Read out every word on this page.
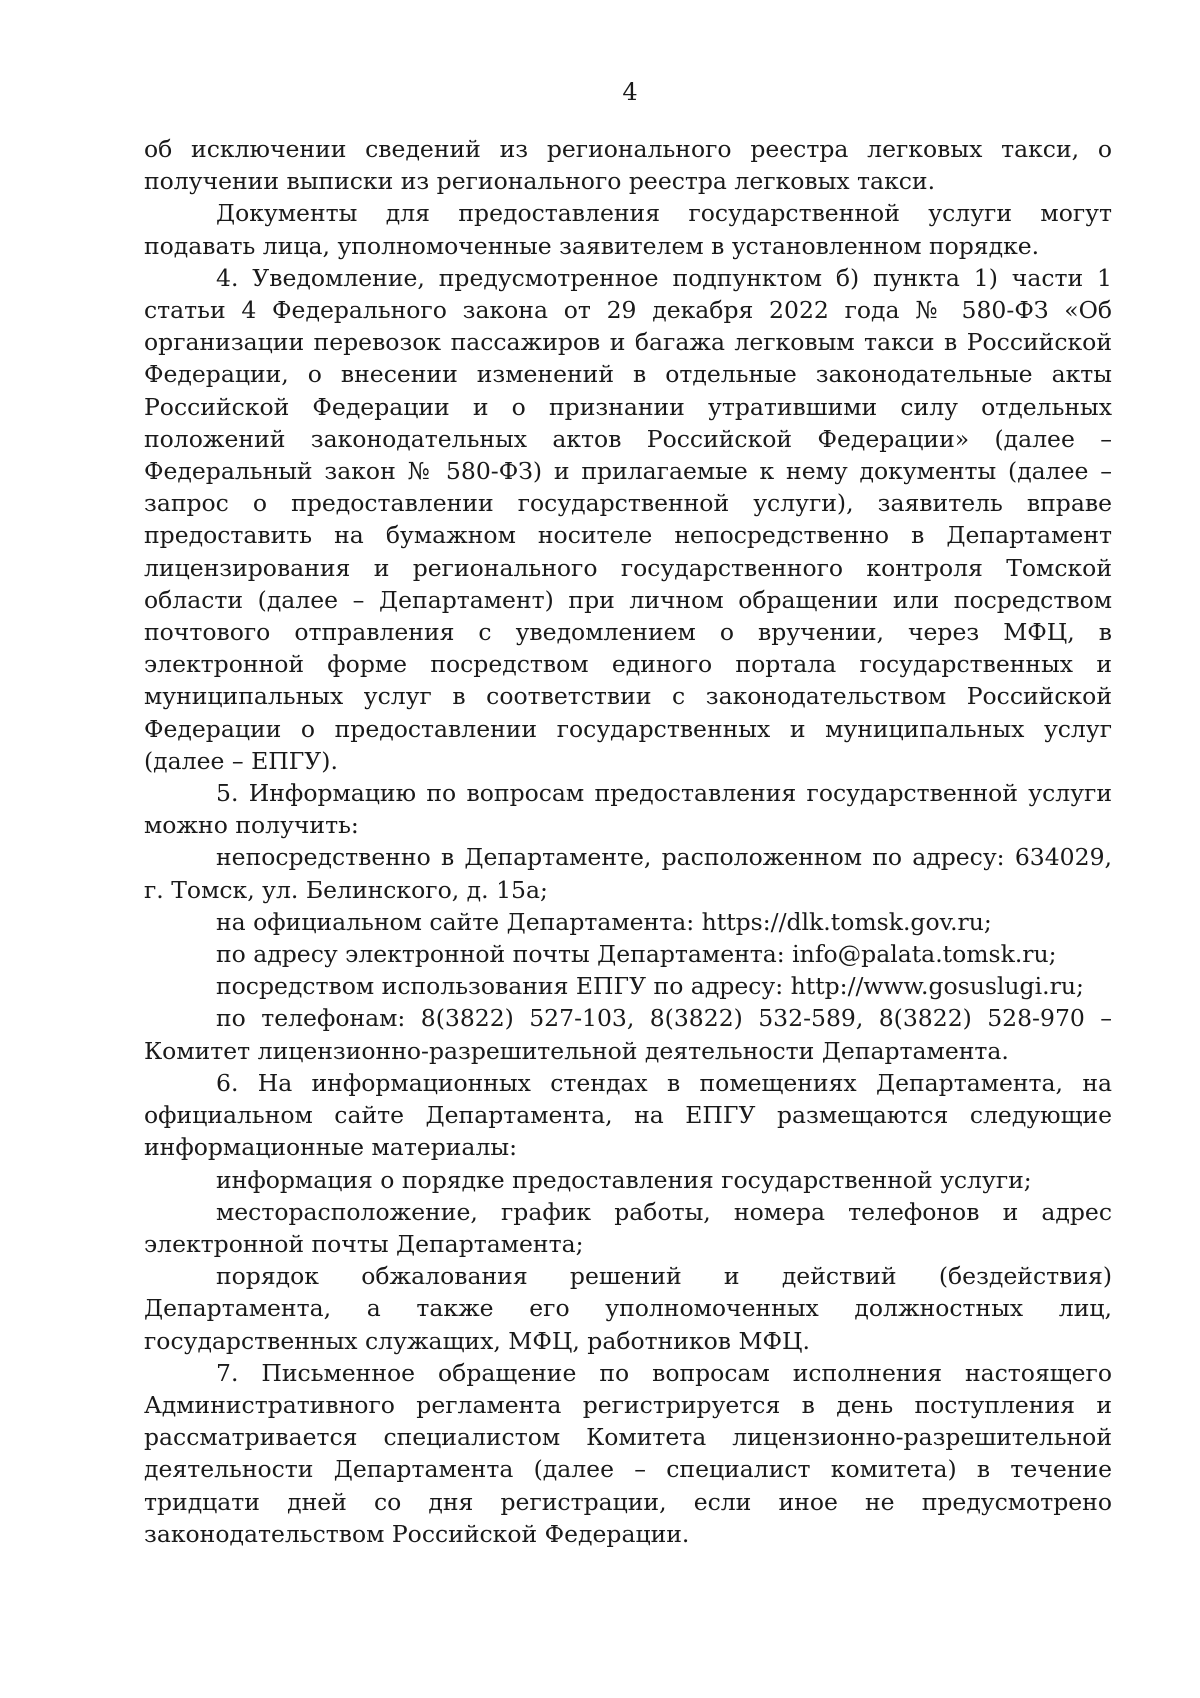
4

об исключении сведений из регионального реестра легковых такси, о получении выписки из регионального реестра легковых такси.

Документы для предоставления государственной услуги могут подавать лица, уполномоченные заявителем в установленном порядке.

4. Уведомление, предусмотренное подпунктом б) пункта 1) части 1 статьи 4 Федерального закона от 29 декабря 2022 года № 580-ФЗ «Об организации перевозок пассажиров и багажа легковым такси в Российской Федерации, о внесении изменений в отдельные законодательные акты Российской Федерации и о признании утратившими силу отдельных положений законодательных актов Российской Федерации» (далее – Федеральный закон № 580-ФЗ) и прилагаемые к нему документы (далее – запрос о предоставлении государственной услуги), заявитель вправе предоставить на бумажном носителе непосредственно в Департамент лицензирования и регионального государственного контроля Томской области (далее – Департамент) при личном обращении или посредством почтового отправления с уведомлением о вручении, через МФЦ, в электронной форме посредством единого портала государственных и муниципальных услуг в соответствии с законодательством Российской Федерации о предоставлении государственных и муниципальных услуг (далее – ЕПГУ).

5. Информацию по вопросам предоставления государственной услуги можно получить:

непосредственно в Департаменте, расположенном по адресу: 634029, г. Томск, ул. Белинского, д. 15а;

на официальном сайте Департамента: https://dlk.tomsk.gov.ru;

по адресу электронной почты Департамента: info@palata.tomsk.ru;

посредством использования ЕПГУ по адресу: http://www.gosuslugi.ru;

по телефонам: 8(3822) 527-103, 8(3822) 532-589, 8(3822) 528-970 – Комитет лицензионно-разрешительной деятельности Департамента.

6. На информационных стендах в помещениях Департамента, на официальном сайте Департамента, на ЕПГУ размещаются следующие информационные материалы:

информация о порядке предоставления государственной услуги;

месторасположение, график работы, номера телефонов и адрес электронной почты Департамента;

порядок обжалования решений и действий (бездействия) Департамента, а также его уполномоченных должностных лиц, государственных служащих, МФЦ, работников МФЦ.

7. Письменное обращение по вопросам исполнения настоящего Административного регламента регистрируется в день поступления и рассматривается специалистом Комитета лицензионно-разрешительной деятельности Департамента (далее – специалист комитета) в течение тридцати дней со дня регистрации, если иное не предусмотрено законодательством Российской Федерации.
